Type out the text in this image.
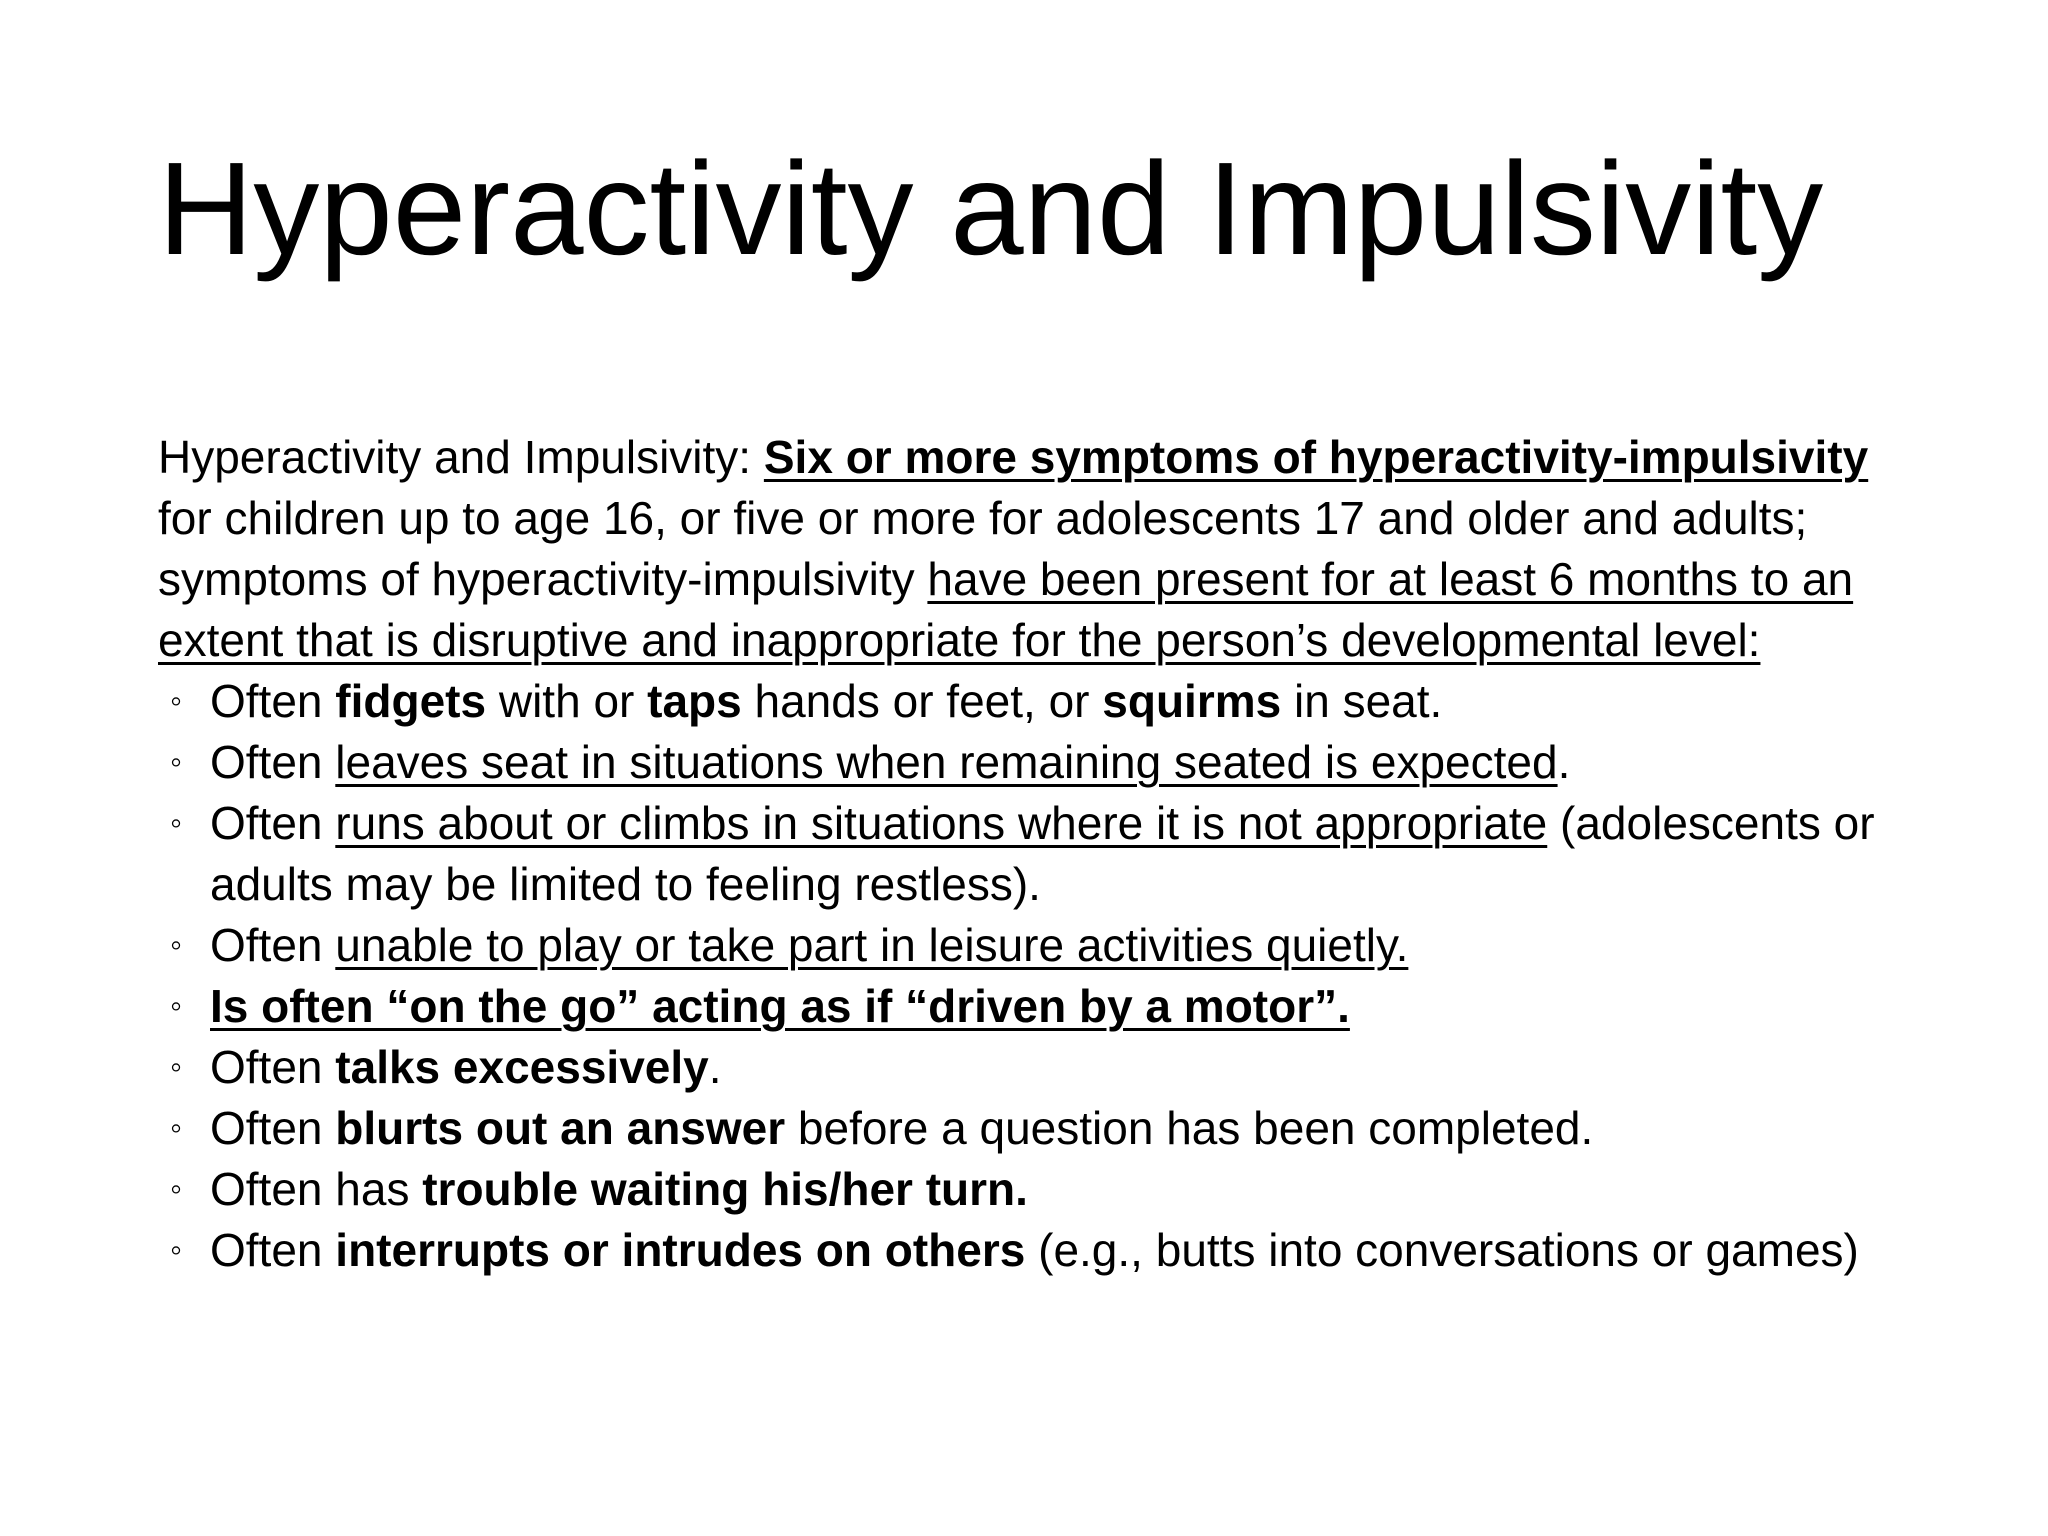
Hyperactivity and Impulsivity

Hyperactivity and Impulsivity: Six or more symptoms of hyperactivity-impulsivity for children up to age 16, or five or more for adolescents 17 and older and adults; symptoms of hyperactivity-impulsivity have been present for at least 6 months to an extent that is disruptive and inappropriate for the person’s developmental level:

◦ Often fidgets with or taps hands or feet, or squirms in seat.
◦ Often leaves seat in situations when remaining seated is expected.
◦ Often runs about or climbs in situations where it is not appropriate (adolescents or adults may be limited to feeling restless).
◦ Often unable to play or take part in leisure activities quietly.
◦ Is often “on the go” acting as if “driven by a motor”.
◦ Often talks excessively.
◦ Often blurts out an answer before a question has been completed.
◦ Often has trouble waiting his/her turn.
◦ Often interrupts or intrudes on others (e.g., butts into conversations or games)
